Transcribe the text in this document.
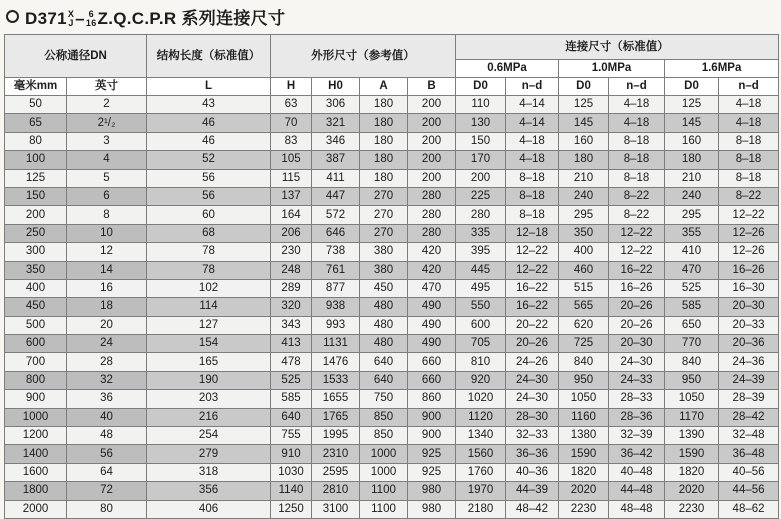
D371 X
J – 6
16 Z.Q.C.P.R 系列连接尺寸
公称通径DN		结构长度（标准值）	外形尺寸（参考值）				连接尺寸（标准值）					
							0.6MPa		1.0MPa		1.6MPa	
毫米mm	英寸	L	H	H0	A	B	D0	n–d	D0	n–d	D0	n–d
50	2	43	63	306	180	200	110	4–14	125	4–18	125	4–18
65	2¹/₂	46	70	321	180	200	130	4–14	145	4–18	145	4–18
80	3	46	83	346	180	200	150	4–18	160	8–18	160	8–18
100	4	52	105	387	180	200	170	4–18	180	8–18	180	8–18
125	5	56	115	411	180	200	200	8–18	210	8–18	210	8–18
150	6	56	137	447	270	280	225	8–18	240	8–22	240	8–22
200	8	60	164	572	270	280	280	8–18	295	8–22	295	12–22
250	10	68	206	646	270	280	335	12–18	350	12–22	355	12–26
300	12	78	230	738	380	420	395	12–22	400	12–22	410	12–26
350	14	78	248	761	380	420	445	12–22	460	16–22	470	16–26
400	16	102	289	877	450	470	495	16–22	515	16–26	525	16–30
450	18	114	320	938	480	490	550	16–22	565	20–26	585	20–30
500	20	127	343	993	480	490	600	20–22	620	20–26	650	20–33
600	24	154	413	1131	480	490	705	20–26	725	20–30	770	20–36
700	28	165	478	1476	640	660	810	24–26	840	24–30	840	24–36
800	32	190	525	1533	640	660	920	24–30	950	24–33	950	24–39
900	36	203	585	1655	750	860	1020	24–30	1050	28–33	1050	28–39
1000	40	216	640	1765	850	900	1120	28–30	1160	28–36	1170	28–42
1200	48	254	755	1995	850	900	1340	32–33	1380	32–39	1390	32–48
1400	56	279	910	2310	1000	925	1560	36–36	1590	36–42	1590	36–48
1600	64	318	1030	2595	1000	925	1760	40–36	1820	40–48	1820	40–56
1800	72	356	1140	2810	1100	980	1970	44–39	2020	44–48	2020	44–56
2000	80	406	1250	3100	1100	980	2180	48–42	2230	48–48	2230	48–62
